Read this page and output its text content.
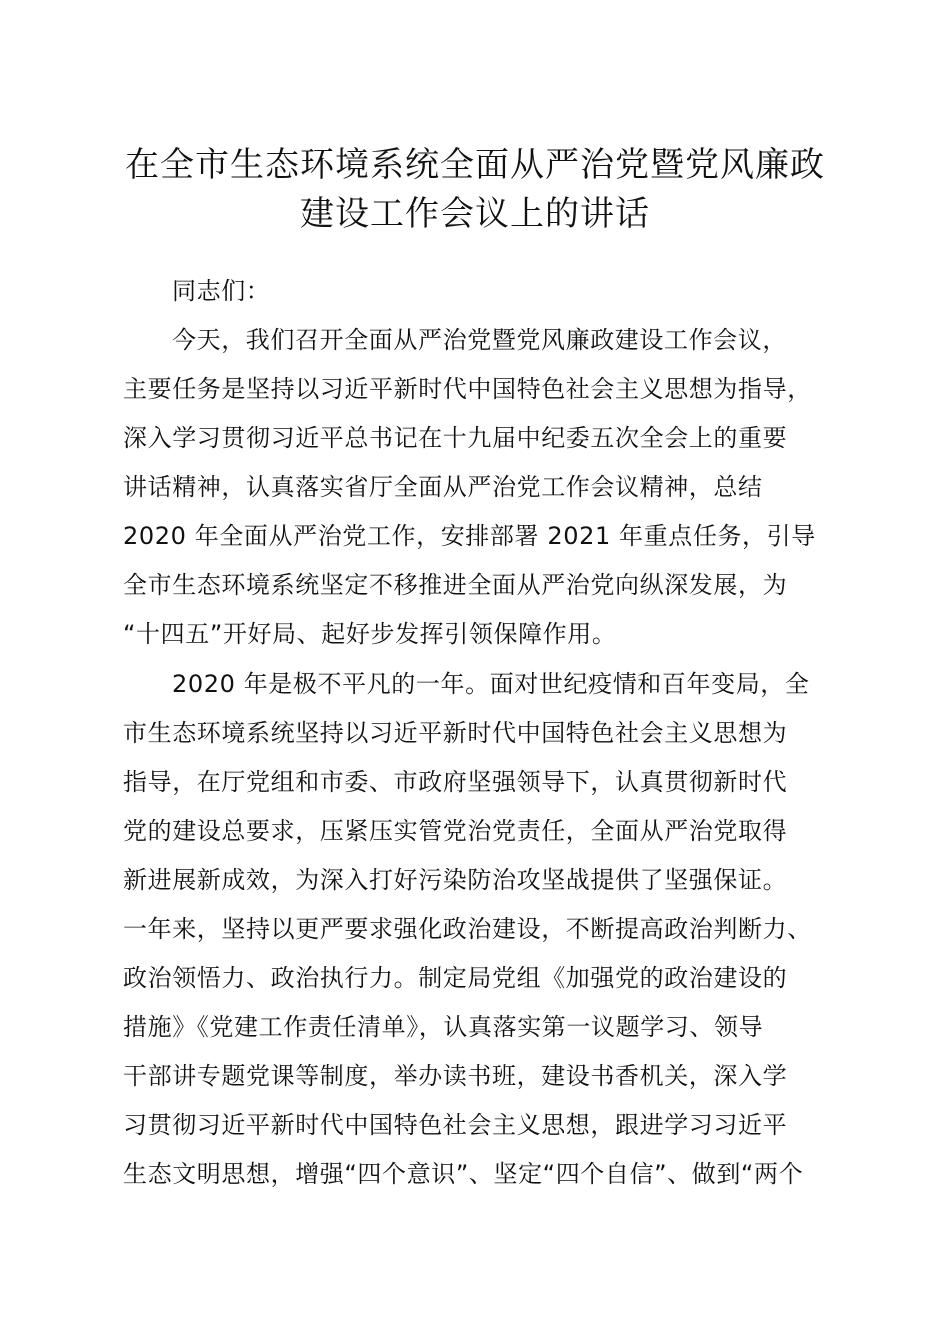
在全市生态环境系统全面从严治党暨党风廉政
建设工作会议上的讲话
同志们：
今天，我们召开全面从严治党暨党风廉政建设工作会议，
主要任务是坚持以习近平新时代中国特色社会主义思想为指导，
深入学习贯彻习近平总书记在十九届中纪委五次全会上的重要
讲话精神，认真落实省厅全面从严治党工作会议精神，总结
2020 年全面从严治党工作，安排部署 2021 年重点任务，引导
全市生态环境系统坚定不移推进全面从严治党向纵深发展，为
“十四五”开好局、起好步发挥引领保障作用。
2020 年是极不平凡的一年。面对世纪疫情和百年变局，全
市生态环境系统坚持以习近平新时代中国特色社会主义思想为
指导，在厅党组和市委、市政府坚强领导下，认真贯彻新时代
党的建设总要求，压紧压实管党治党责任，全面从严治党取得
新进展新成效，为深入打好污染防治攻坚战提供了坚强保证。
一年来，坚持以更严要求强化政治建设，不断提高政治判断力、
政治领悟力、政治执行力。制定局党组《加强党的政治建设的
措施》《党建工作责任清单》，认真落实第一议题学习、领导
干部讲专题党课等制度，举办读书班，建设书香机关，深入学
习贯彻习近平新时代中国特色社会主义思想，跟进学习习近平
生态文明思想，增强“四个意识”、坚定“四个自信”、做到“两个
